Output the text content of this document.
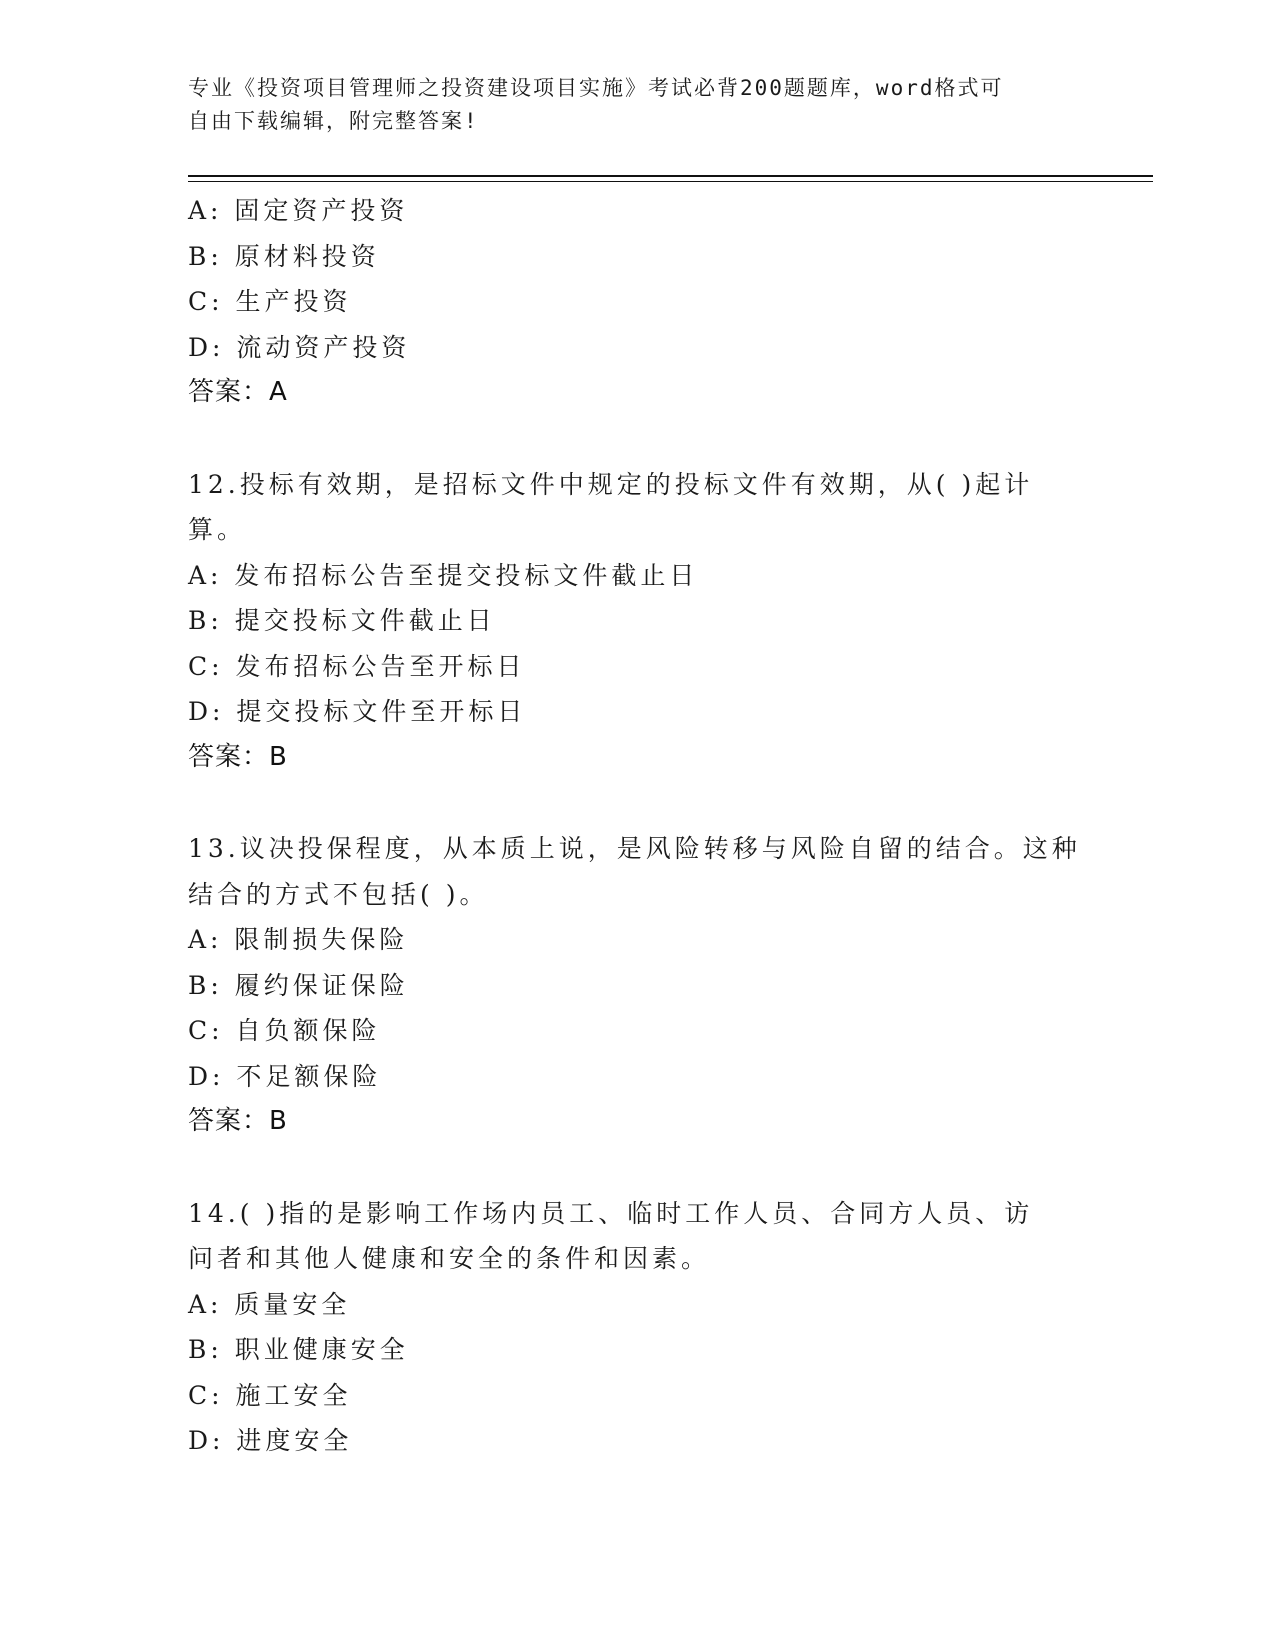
专业《投资项目管理师之投资建设项目实施》考试必背200题题库，word格式可
自由下载编辑，附完整答案!
A: 固定资产投资
B: 原材料投资
C: 生产投资
D: 流动资产投资
答案：A
12.投标有效期，是招标文件中规定的投标文件有效期，从( )起计
算。
A: 发布招标公告至提交投标文件截止日
B: 提交投标文件截止日
C: 发布招标公告至开标日
D: 提交投标文件至开标日
答案：B
13.议决投保程度，从本质上说，是风险转移与风险自留的结合。这种
结合的方式不包括( )。
A: 限制损失保险
B: 履约保证保险
C: 自负额保险
D: 不足额保险
答案：B
14.( )指的是影响工作场内员工、临时工作人员、合同方人员、访
问者和其他人健康和安全的条件和因素。
A: 质量安全
B: 职业健康安全
C: 施工安全
D: 进度安全
